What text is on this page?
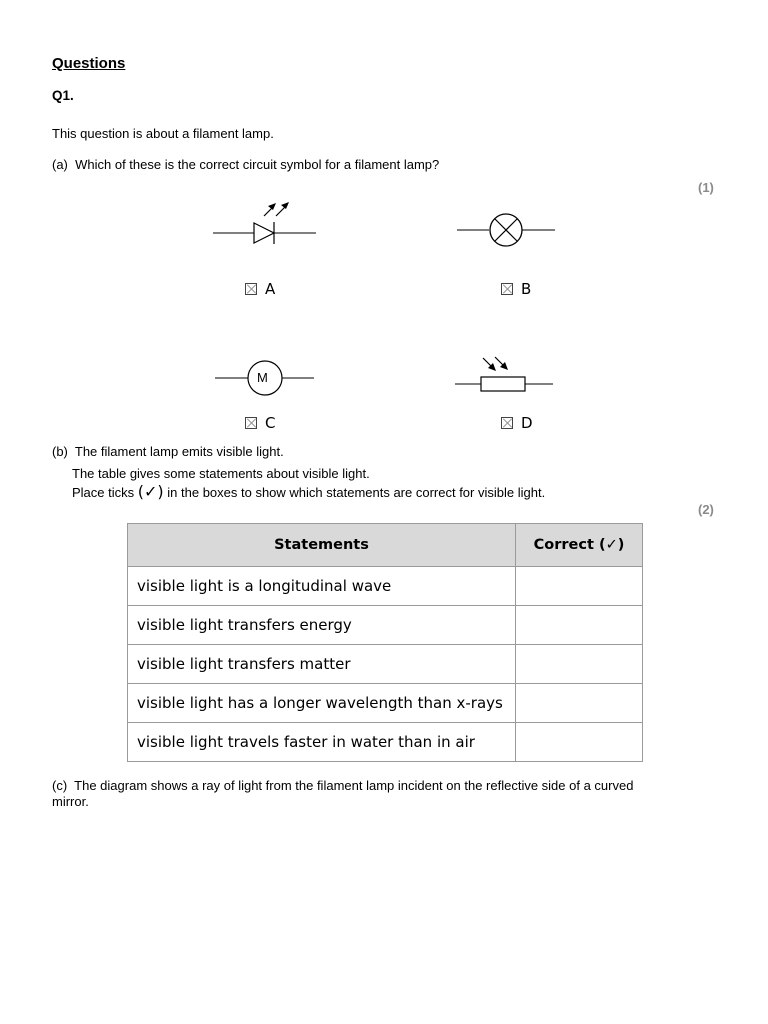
Questions
Q1.
This question is about a filament lamp.
(a) Which of these is the correct circuit symbol for a filament lamp?
(1)
A	B
M
C	D
(b) The filament lamp emits visible light.
The table gives some statements about visible light.
Place ticks (✓) in the boxes to show which statements are correct for visible light.
(2)
Statements	Correct (✓)
visible light is a longitudinal wave	
visible light transfers energy	
visible light transfers matter	
visible light has a longer wavelength than x-rays	
visible light travels faster in water than in air	
(c) The diagram shows a ray of light from the filament lamp incident on the reflective side of a curved
mirror.
